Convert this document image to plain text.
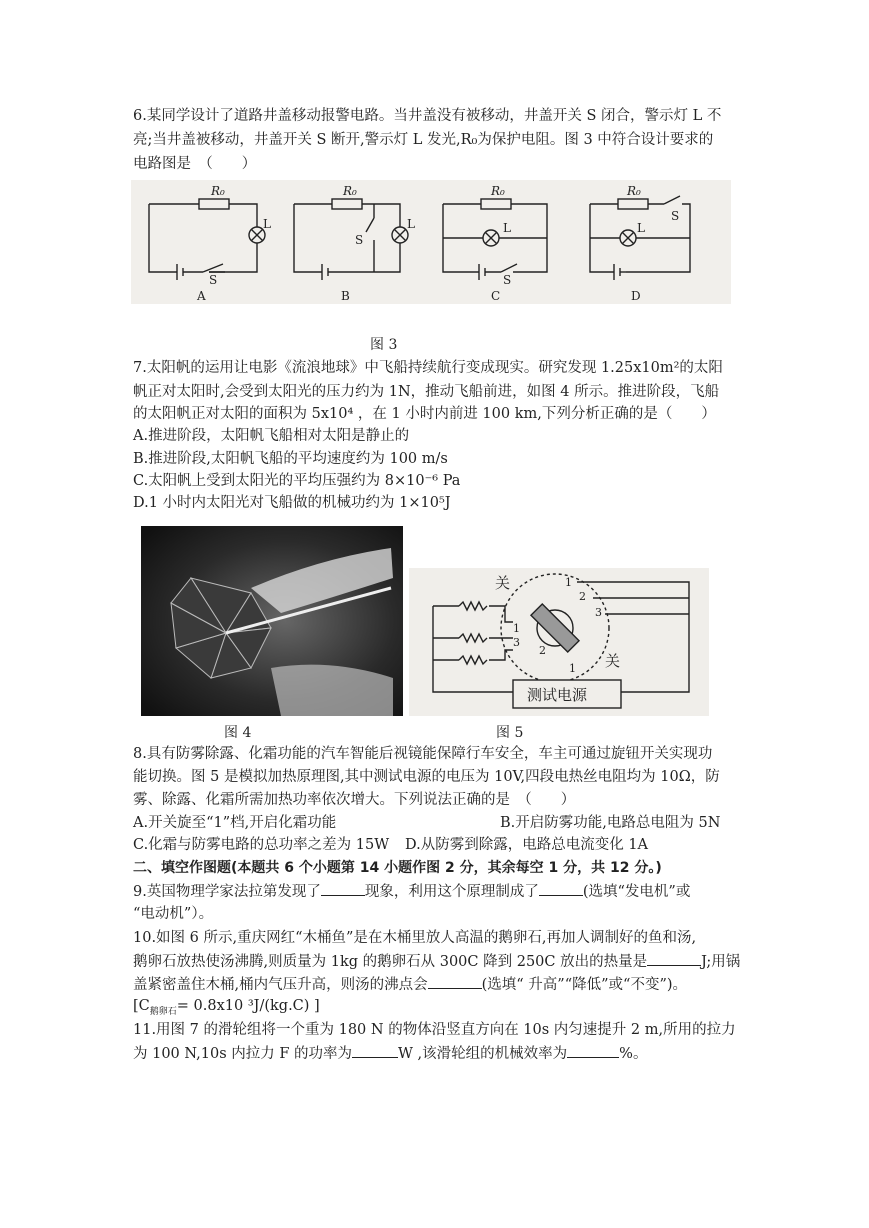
6.某同学设计了道路井盖移动报警电路。当井盖没有被移动，井盖开关 S 闭合，警示灯 L 不
亮;当井盖被移动，井盖开关 S 断开,警示灯 L 发光,R₀为保护电阻。图 3 中符合设计要求的
电路图是　（　　）
R₀
L
S
A
R₀
L
S
B
R₀
L
S
C
R₀
L
S
D
图 3
7.太阳帆的运用让电影《流浪地球》中飞船持续航行变成现实。研究发现 1.25x10m²的太阳
帆正对太阳时,会受到太阳光的压力约为 1N，推动飞船前进，如图 4 所示。推进阶段，飞船
的太阳帆正对太阳的面积为 5x10⁴ ，在 1 小时内前进 100 km,下列分析正确的是（　　）
A.推进阶段，太阳帆飞船相对太阳是静止的
B.推进阶段,太阳帆飞船的平均速度约为 100 m/s
C.太阳帆上受到太阳光的平均压强约为 8×10⁻⁶ Pa
D.1 小时内太阳光对飞船做的机械功约为 1×10⁵J
关
关
1
2
3
1
3
2
1
测试电源
图 4	图 5
8.具有防雾除露、化霜功能的汽车智能后视镜能保障行车安全，车主可通过旋钮开关实现功
能切换。图 5 是模拟加热原理图,其中测试电源的电压为 10V,四段电热丝电阻均为 10Ω，防
雾、除露、化霜所需加热功率依次增大。下列说法正确的是　（　　）
A.开关旋至“1”档,开启化霜功能	B.开启防雾功能,电路总电阻为 5N
C.化霜与防雾电路的总功率之差为 15W D.从防雾到除露，电路总电流变化 1A
二、填空作图题(本题共 6 个小题第 14 小题作图 2 分，其余每空 1 分，共 12 分。)
9.英国物理学家法拉第发现了	现象，利用这个原理制成了	(选填“发电机”或
“电动机”）。
10.如图 6 所示,重庆网红“木桶鱼”是在木桶里放人高温的鹅卵石,再加人调制好的鱼和汤,
鹅卵石放热使汤沸腾,则质量为 1kg 的鹅卵石从 300C 降到 250C 放出的热量是	J;用锅
盖紧密盖住木桶,桶内气压升高，则汤的沸点会	(选填“ 升高”“降低”或“不变”)。
[$C_{鹅卵石}= 0.8x10$ ³J/(kg.C) ]
11.用图 7 的滑轮组将一个重为 180 N 的物体沿竖直方向在 10s 内匀速提升 2 m,所用的拉力
为 100 N,10s 内拉力 F 的功率为	W ,该滑轮组的机械效率为	%。
